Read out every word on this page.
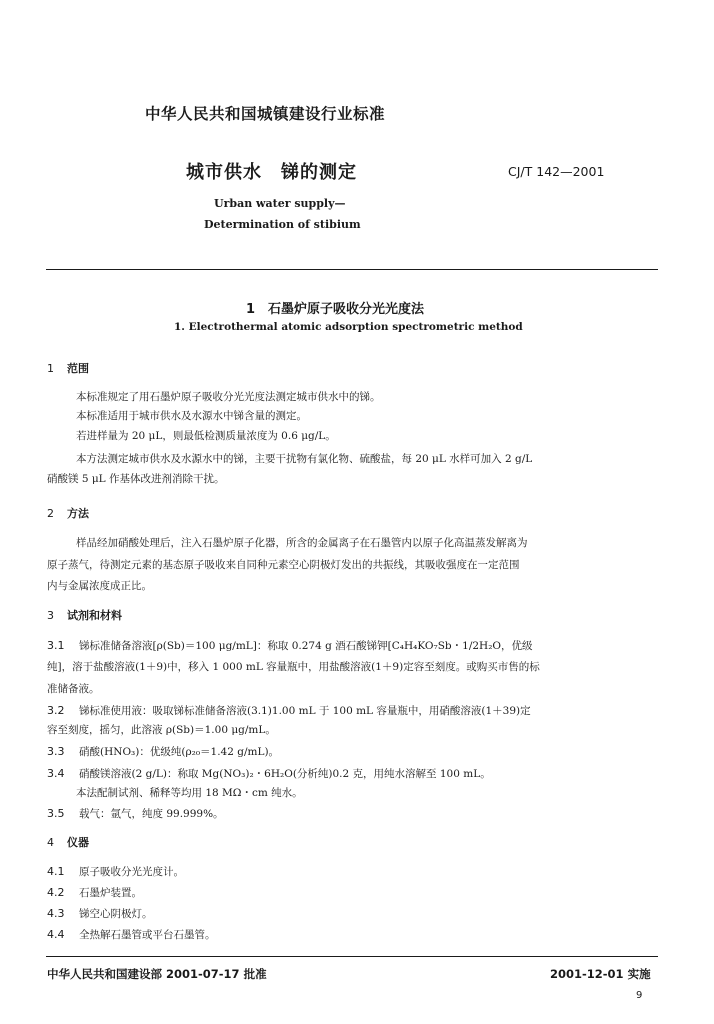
中华人民共和国城镇建设行业标准
城市供水　锑的测定	CJ/T 142—2001
Urban water supply—
Determination of stibium
1　石墨炉原子吸收分光光度法
1. Electrothermal atomic adsorption spectrometric method
1 范围
本标准规定了用石墨炉原子吸收分光光度法测定城市供水中的锑。
本标准适用于城市供水及水源水中锑含量的测定。
若进样量为 20 μL，则最低检测质量浓度为 0.6 μg/L。
本方法测定城市供水及水源水中的锑，主要干扰物有氯化物、硫酸盐，每 20 μL 水样可加入 2 g/L
硝酸镁 5 μL 作基体改进剂消除干扰。
2 方法
样品经加硝酸处理后，注入石墨炉原子化器，所含的金属离子在石墨管内以原子化高温蒸发解离为
原子蒸气，待测定元素的基态原子吸收来自同种元素空心阴极灯发出的共振线，其吸收强度在一定范围
内与金属浓度成正比。
3 试剂和材料
3.1 锑标准储备溶液[ρ(Sb)＝100 μg/mL]：称取 0.274 g 酒石酸锑钾[C₄H₄KO₇Sb・1/2H₂O，优级
纯]，溶于盐酸溶液(1＋9)中，移入 1 000 mL 容量瓶中，用盐酸溶液(1＋9)定容至刻度。或购买市售的标
准储备液。
3.2 锑标准使用液：吸取锑标准储备溶液(3.1)1.00 mL 于 100 mL 容量瓶中，用硝酸溶液(1＋39)定
容至刻度，摇匀，此溶液 ρ(Sb)＝1.00 μg/mL。
3.3 硝酸(HNO₃)：优级纯(ρ₂₀＝1.42 g/mL)。
3.4 硝酸镁溶液(2 g/L)：称取 Mg(NO₃)₂・6H₂O(分析纯)0.2 克，用纯水溶解至 100 mL。
本法配制试剂、稀释等均用 18 MΩ・cm 纯水。
3.5 载气：氩气，纯度 99.999%。
4 仪器
4.1 原子吸收分光光度计。
4.2 石墨炉装置。
4.3 锑空心阴极灯。
4.4 全热解石墨管或平台石墨管。
中华人民共和国建设部 2001-07-17 批准	2001-12-01 实施
9
